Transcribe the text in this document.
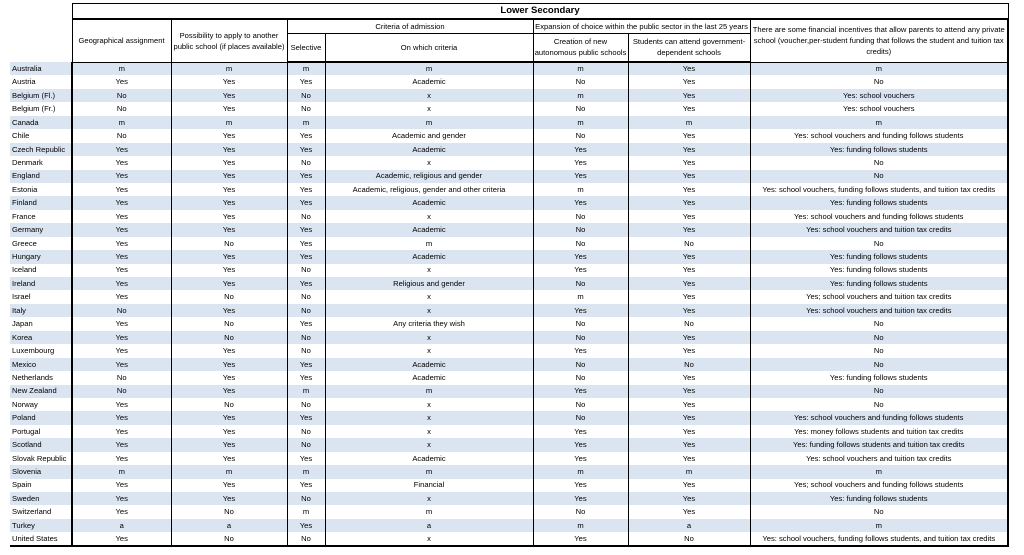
	Lower Secondary						
	Geographical assignment	Possibility to apply to another public school (if places available)	Criteria of admission		Expansion of choice within the public sector in the last 25 years		There are some financial incentives that allow parents to attend any private school (voucher,per-student funding that follows the student and tuition tax credits)
			Selective	On which criteria	Creation of new autonomous public schools	Students can attend government-dependent schools	
Australia	m	m	m	m	m	Yes	m
Austria	Yes	Yes	Yes	Academic	No	Yes	No
Belgium (Fl.)	No	Yes	No	x	m	Yes	Yes: school vouchers
Belgium (Fr.)	No	Yes	No	x	No	Yes	Yes: school vouchers
Canada	m	m	m	m	m	m	m
Chile	No	Yes	Yes	Academic and gender	No	Yes	Yes: school vouchers and funding follows students
Czech Republic	Yes	Yes	Yes	Academic	Yes	Yes	Yes: funding follows students
Denmark	Yes	Yes	No	x	Yes	Yes	No
England	Yes	Yes	Yes	Academic, religious and gender	Yes	Yes	No
Estonia	Yes	Yes	Yes	Academic, religious, gender and other criteria	m	Yes	Yes: school vouchers, funding follows students, and tuition tax credits
Finland	Yes	Yes	Yes	Academic	Yes	Yes	Yes: funding follows students
France	Yes	Yes	No	x	No	Yes	Yes: school vouchers and funding follows students
Germany	Yes	Yes	Yes	Academic	No	Yes	Yes: school vouchers and tuition tax credits
Greece	Yes	No	Yes	m	No	No	No
Hungary	Yes	Yes	Yes	Academic	Yes	Yes	Yes: funding follows students
Iceland	Yes	Yes	No	x	Yes	Yes	Yes: funding follows students
Ireland	Yes	Yes	Yes	Religious and gender	No	Yes	Yes: funding follows students
Israel	Yes	No	No	x	m	Yes	Yes; school vouchers and tuition tax credits
Italy	No	Yes	No	x	Yes	Yes	Yes: school vouchers and tuition tax credits
Japan	Yes	No	Yes	Any criteria they wish	No	No	No
Korea	Yes	No	No	x	No	Yes	No
Luxembourg	Yes	Yes	No	x	Yes	Yes	No
Mexico	Yes	Yes	Yes	Academic	No	No	No
Netherlands	No	Yes	Yes	Academic	No	Yes	Yes: funding follows students
New Zealand	No	Yes	m	m	Yes	Yes	No
Norway	Yes	No	No	x	No	Yes	No
Poland	Yes	Yes	Yes	x	No	Yes	Yes: school vouchers and funding follows students
Portugal	Yes	Yes	No	x	Yes	Yes	Yes: money follows students and tuition tax credits
Scotland	Yes	Yes	No	x	Yes	Yes	Yes: funding follows students and tuition tax credits
Slovak Republic	Yes	Yes	Yes	Academic	Yes	Yes	Yes: school vouchers and tuition tax credits
Slovenia	m	m	m	m	m	m	m
Spain	Yes	Yes	Yes	Financial	Yes	Yes	Yes; school vouchers and funding follows students
Sweden	Yes	Yes	No	x	Yes	Yes	Yes: funding follows students
Switzerland	Yes	No	m	m	No	Yes	No
Turkey	a	a	Yes	a	m	a	m
United States	Yes	No	No	x	Yes	No	Yes: school vouchers, funding follows students, and tuition tax credits
